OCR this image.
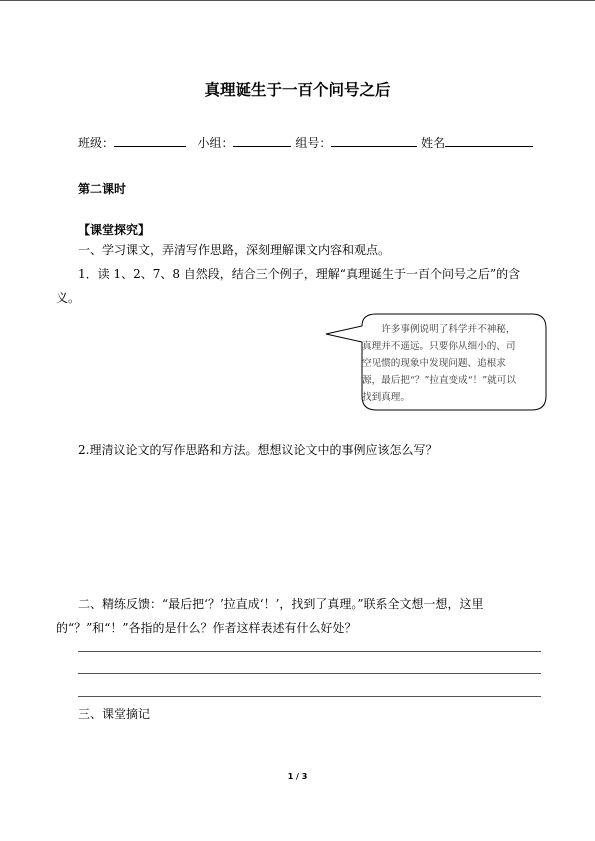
真理诞生于一百个问号之后
班级：	小组：	组号：	姓名
第二课时
【课堂探究】
一、学习课文，弄清写作思路，深刻理解课文内容和观点。
1．读 1、2、7、8 自然段，结合三个例子，理解“真理诞生于一百个问号之后”的含义。
许多事例说明了科学并不神秘，真理并不遥远。只要你从细小的、司空见惯的现象中发现问题、追根求源，最后把“？”拉直变成“！”就可以找到真理。
2.理清议论文的写作思路和方法。想想议论文中的事例应该怎么写？
二、精练反馈：“最后把‘？’拉直成‘！’，找到了真理。”联系全文想一想，这里的“？”和“！”各指的是什么？作者这样表述有什么好处？
三、课堂摘记
1 / 3
